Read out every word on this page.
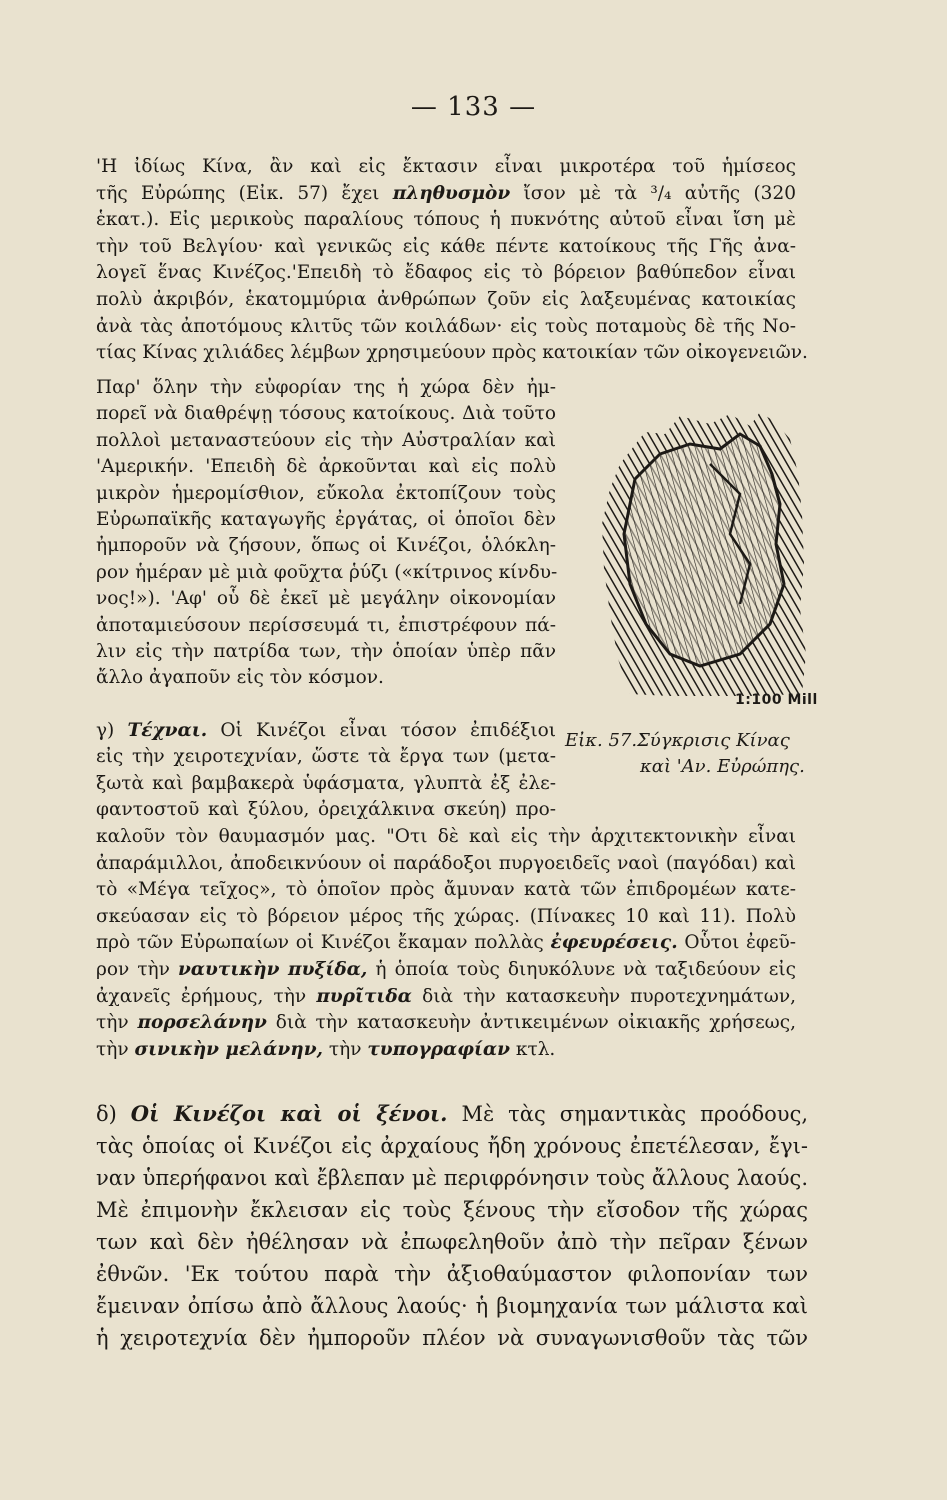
— 133 —
'Η ἰδίως Κίνα, ἂν καὶ εἰς ἔκτασιν εἶναι μικροτέρα τοῦ ἡμίσεος
τῆς Εὐρώπης (Εἰκ. 57) ἔχει πληθυσμὸν ἴσον μὲ τὰ ³/₄ αὐτῆς (320
ἑκατ.). Εἰς μερικοὺς παραλίους τόπους ἡ πυκνότης αὐτοῦ εἶναι ἴση μὲ
τὴν τοῦ Βελγίου· καὶ γενικῶς εἰς κάθε πέντε κατοίκους τῆς Γῆς ἀνα-
λογεῖ ἕνας Κινέζος.'Επειδὴ τὸ ἔδαφος εἰς τὸ βόρειον βαθύπεδον εἶναι
πολὺ ἀκριβόν, ἑκατομμύρια ἀνθρώπων ζοῦν εἰς λαξευμένας κατοικίας
ἀνὰ τὰς ἀποτόμους κλιτῦς τῶν κοιλάδων· εἰς τοὺς ποταμοὺς δὲ τῆς Νο-
τίας Κίνας χιλιάδες λέμβων χρησιμεύουν πρὸς κατοικίαν τῶν οἰκογενειῶν.
Παρ' ὅλην τὴν εὐφορίαν της ἡ χώρα δὲν ἠμ-
πορεῖ νὰ διαθρέψῃ τόσους κατοίκους. Διὰ τοῦτο
πολλοὶ μεταναστεύουν εἰς τὴν Αὐστραλίαν καὶ
'Αμερικήν. 'Επειδὴ δὲ ἀρκοῦνται καὶ εἰς πολὺ
μικρὸν ἡμερομίσθιον, εὔκολα ἐκτοπίζουν τοὺς
Εὐρωπαϊκῆς καταγωγῆς ἐργάτας, οἱ ὁποῖοι δὲν
ἠμποροῦν νὰ ζήσουν, ὅπως οἱ Κινέζοι, ὁλόκλη-
ρον ἡμέραν μὲ μιὰ φοῦχτα ῥύζι («κίτρινος κίνδυ-
νος!»). 'Αφ' οὗ δὲ ἐκεῖ μὲ μεγάλην οἰκονομίαν
ἀποταμιεύσουν περίσσευμά τι, ἐπιστρέφουν πά-
λιν εἰς τὴν πατρίδα των, τὴν ὁποίαν ὑπὲρ πᾶν
ἄλλο ἀγαποῦν εἰς τὸν κόσμον.
γ) Τέχναι. Οἱ Κινέζοι εἶναι τόσον ἐπιδέξιοι
εἰς τὴν χειροτεχνίαν, ὥστε τὰ ἔργα των (μετα-
ξωτὰ καὶ βαμβακερὰ ὑφάσματα, γλυπτὰ ἐξ ἐλε-
φαντοστοῦ καὶ ξύλου, ὀρειχάλκινα σκεύη) προ-
καλοῦν τὸν θαυμασμόν μας. "Οτι δὲ καὶ εἰς τὴν ἀρχιτεκτονικὴν εἶναι
ἀπαράμιλλοι, ἀποδεικνύουν οἱ παράδοξοι πυργοειδεῖς ναοὶ (παγόδαι) καὶ
τὸ «Μέγα τεῖχος», τὸ ὁποῖον πρὸς ἄμυναν κατὰ τῶν ἐπιδρομέων κατε-
σκεύασαν εἰς τὸ βόρειον μέρος τῆς χώρας. (Πίνακες 10 καὶ 11). Πολὺ
πρὸ τῶν Εὐρωπαίων οἱ Κινέζοι ἔκαμαν πολλὰς ἐφευρέσεις. Οὗτοι ἐφεῦ-
ρον τὴν ναυτικὴν πυξίδα, ἡ ὁποία τοὺς διηυκόλυνε νὰ ταξιδεύουν εἰς
ἀχανεῖς ἐρήμους, τὴν πυρῖτιδα διὰ τὴν κατασκευὴν πυροτεχνημάτων,
τὴν πορσελάνην διὰ τὴν κατασκευὴν ἀντικειμένων οἰκιακῆς χρήσεως,
τὴν σινικὴν μελάνην, τὴν τυπογραφίαν κτλ.
δ) Οἱ Κινέζοι καὶ οἱ ξένοι. Μὲ τὰς σημαντικὰς προόδους,
τὰς ὁποίας οἱ Κινέζοι εἰς ἀρχαίους ἤδη χρόνους ἐπετέλεσαν, ἔγι-
ναν ὑπερήφανοι καὶ ἔβλεπαν μὲ περιφρόνησιν τοὺς ἄλλους λαούς.
Μὲ ἐπιμονὴν ἔκλεισαν εἰς τοὺς ξένους τὴν εἴσοδον τῆς χώρας
των καὶ δὲν ἠθέλησαν νὰ ἐπωφεληθοῦν ἀπὸ τὴν πεῖραν ξένων
ἐθνῶν. 'Εκ τούτου παρὰ τὴν ἀξιοθαύμαστον φιλοπονίαν των
ἔμειναν ὀπίσω ἀπὸ ἄλλους λαούς· ἡ βιομηχανία των μάλιστα καὶ
ἡ χειροτεχνία δὲν ἠμποροῦν πλέον νὰ συναγωνισθοῦν τὰς τῶν
1:100 Mill
Εἰκ. 57.Σύγκρισις Κίνας
καὶ 'Αν. Εὐρώπης.
